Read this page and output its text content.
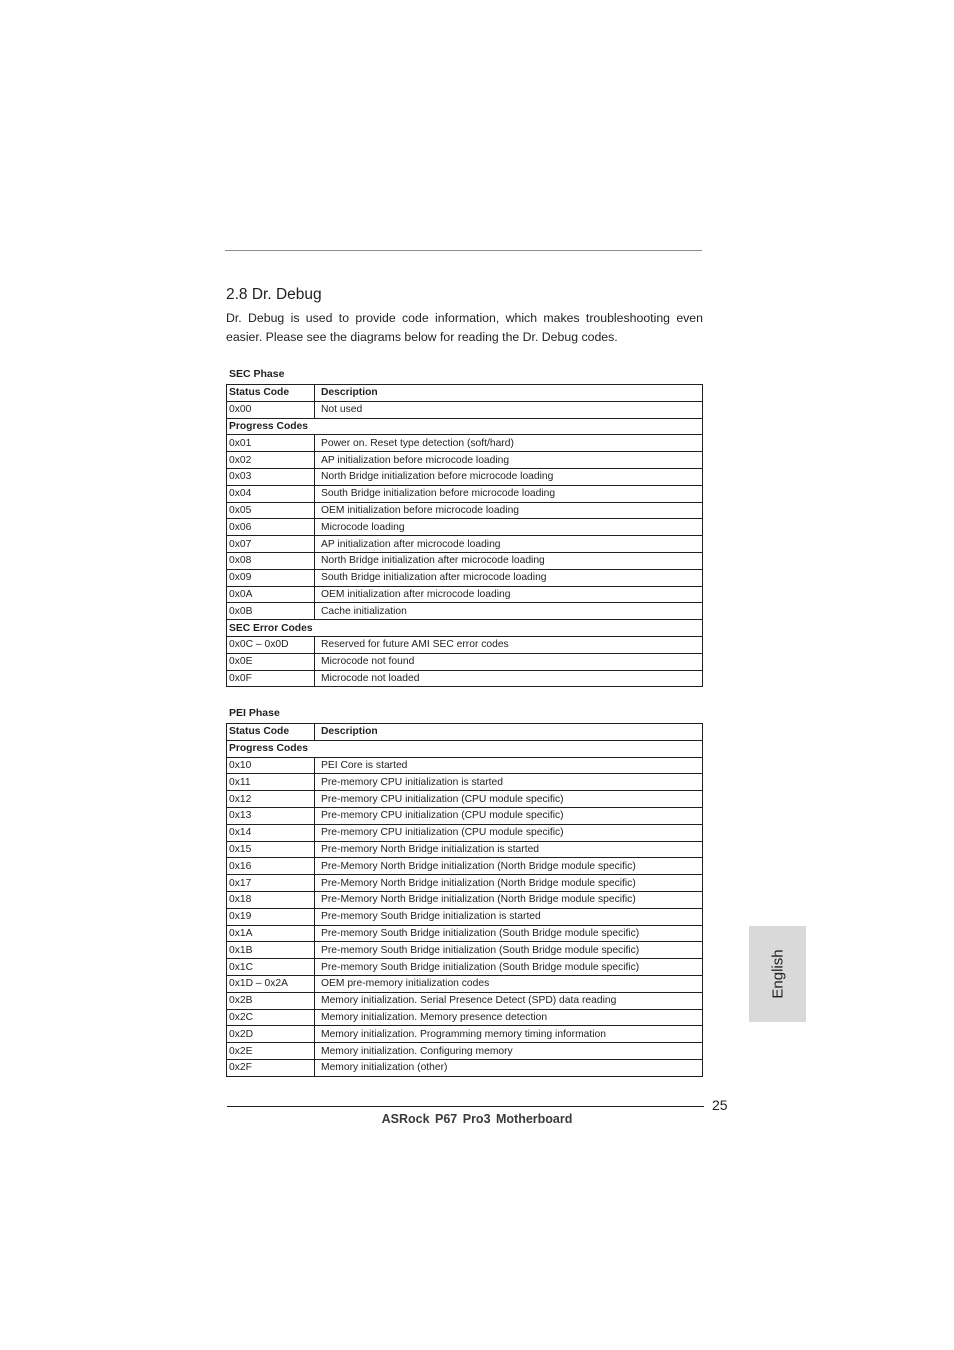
2.8 Dr. Debug

Dr. Debug is used to provide code information, which makes troubleshooting even easier. Please see the diagrams below for reading the Dr. Debug codes.

SEC Phase
Status Code	Description
0x00	Not used
Progress Codes	
0x01	Power on. Reset type detection (soft/hard)
0x02	AP initialization before microcode loading
0x03	North Bridge initialization before microcode loading
0x04	South Bridge initialization before microcode loading
0x05	OEM initialization before microcode loading
0x06	Microcode loading
0x07	AP initialization after microcode loading
0x08	North Bridge initialization after microcode loading
0x09	South Bridge initialization after microcode loading
0x0A	OEM initialization after microcode loading
0x0B	Cache initialization
SEC Error Codes	
0x0C – 0x0D	Reserved for future AMI SEC error codes
0x0E	Microcode not found
0x0F	Microcode not loaded
PEI Phase
Status Code	Description
Progress Codes	
0x10	PEI Core is started
0x11	Pre-memory CPU initialization is started
0x12	Pre-memory CPU initialization (CPU module specific)
0x13	Pre-memory CPU initialization (CPU module specific)
0x14	Pre-memory CPU initialization (CPU module specific)
0x15	Pre-memory North Bridge initialization is started
0x16	Pre-Memory North Bridge initialization (North Bridge module specific)
0x17	Pre-Memory North Bridge initialization (North Bridge module specific)
0x18	Pre-Memory North Bridge initialization (North Bridge module specific)
0x19	Pre-memory South Bridge initialization is started
0x1A	Pre-memory South Bridge initialization (South Bridge module specific)
0x1B	Pre-memory South Bridge initialization (South Bridge module specific)
0x1C	Pre-memory South Bridge initialization (South Bridge module specific)
0x1D – 0x2A	OEM pre-memory initialization codes
0x2B	Memory initialization. Serial Presence Detect (SPD) data reading
0x2C	Memory initialization. Memory presence detection
0x2D	Memory initialization. Programming memory timing information
0x2E	Memory initialization. Configuring memory
0x2F	Memory initialization (other)
English
25
ASRock P67 Pro3 Motherboard
